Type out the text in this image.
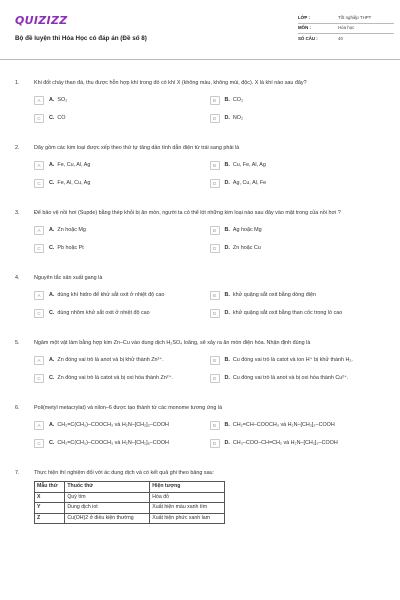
QUIZIZZ
Bộ đề luyện thi Hóa Học có đáp án (Đề số 8)
LỚP :	Tốt nghiệp THPT
MÔN :	Hóa học
SỐ CÂU :	40
1.	Khi đốt cháy than đá, thu được hỗn hợp khí trong đó có khí X (không màu, không mùi, độc). X là khí nào sau đây?
A	A. SO₂	B	B. CO₂
C	C. CO	D	D. NO₂
2.	Dãy gồm các kim loại được xếp theo thứ tự tăng dần tính dẫn điện từ trái sang phải là
A	A. Fe, Cu, Al, Ag	B	B. Cu, Fe, Al, Ag
C	C. Fe, Al, Cu, Ag	D	D. Ag, Cu, Al, Fe
3.	Để bảo vệ nồi hơi (Supde) bằng thép khỏi bị ăn mòn, người ta có thể lót những kim loại nào sau đây vào mặt trong của nồi hơi ?
A	A. Zn hoặc Mg	B	B. Ag hoặc Mg
C	C. Pb hoặc Pt	D	D. Zn hoặc Cu
4.	Nguyên tắc sản xuất gang là
A	A. dùng khí hidro để khử sắt oxit ở nhiệt độ cao	B	B. khử quặng sắt oxit bằng dòng điện
C	C. dùng nhôm khử sắt oxit ở nhiệt độ cao	D	D. khử quặng sắt oxit bằng than cốc trong lò cao
5.	Ngâm một vật làm bằng hợp kim Zn–Cu vào dung dịch H₂SO₄ loãng, sẽ xảy ra ăn mòn điện hóa. Nhận định đúng là
A	A. Zn đóng vai trò là anot và bị khử thành Zn²⁺.	B	B. Cu đóng vai trò là catot và ion H⁺ bị khử thành H₂.
C	C. Zn đóng vai trò là catot và bị oxi hóa thành Zn²⁺.	D	D. Cu đóng vai trò là anot và bị oxi hóa thành Cu²⁺.
6.	Poli(metyl metacrylat) và nilon–6 được tạo thành từ các monome tương ứng là
A	A. CH₂=C(CH₃)–COOCH₃ và H₂N–[CH₂]₅–COOH	B	B. CH₂=CH–COOCH₃ và H₂N–[CH₂]₅–COOH
C	C. CH₂=C(CH₃)–COOCH₃ và H₂N–[CH₂]₆–COOH	D	D. CH₃–COO–CH=CH₂ và H₂N–[CH₂]₅–COOH
7.	Thực hiện thí nghiệm đối với ác dung dịch và có kết quả ghi theo bảng sau:
Mẫu thử	Thuốc thử	Hiện tượng
X	Quỳ tím	Hóa đỏ
Y	Dung dịch iot	Xuất hiện màu xanh tím
Z	Cu(OH)2 ở điều kiện thường	Xuất hiện phức xanh lam
